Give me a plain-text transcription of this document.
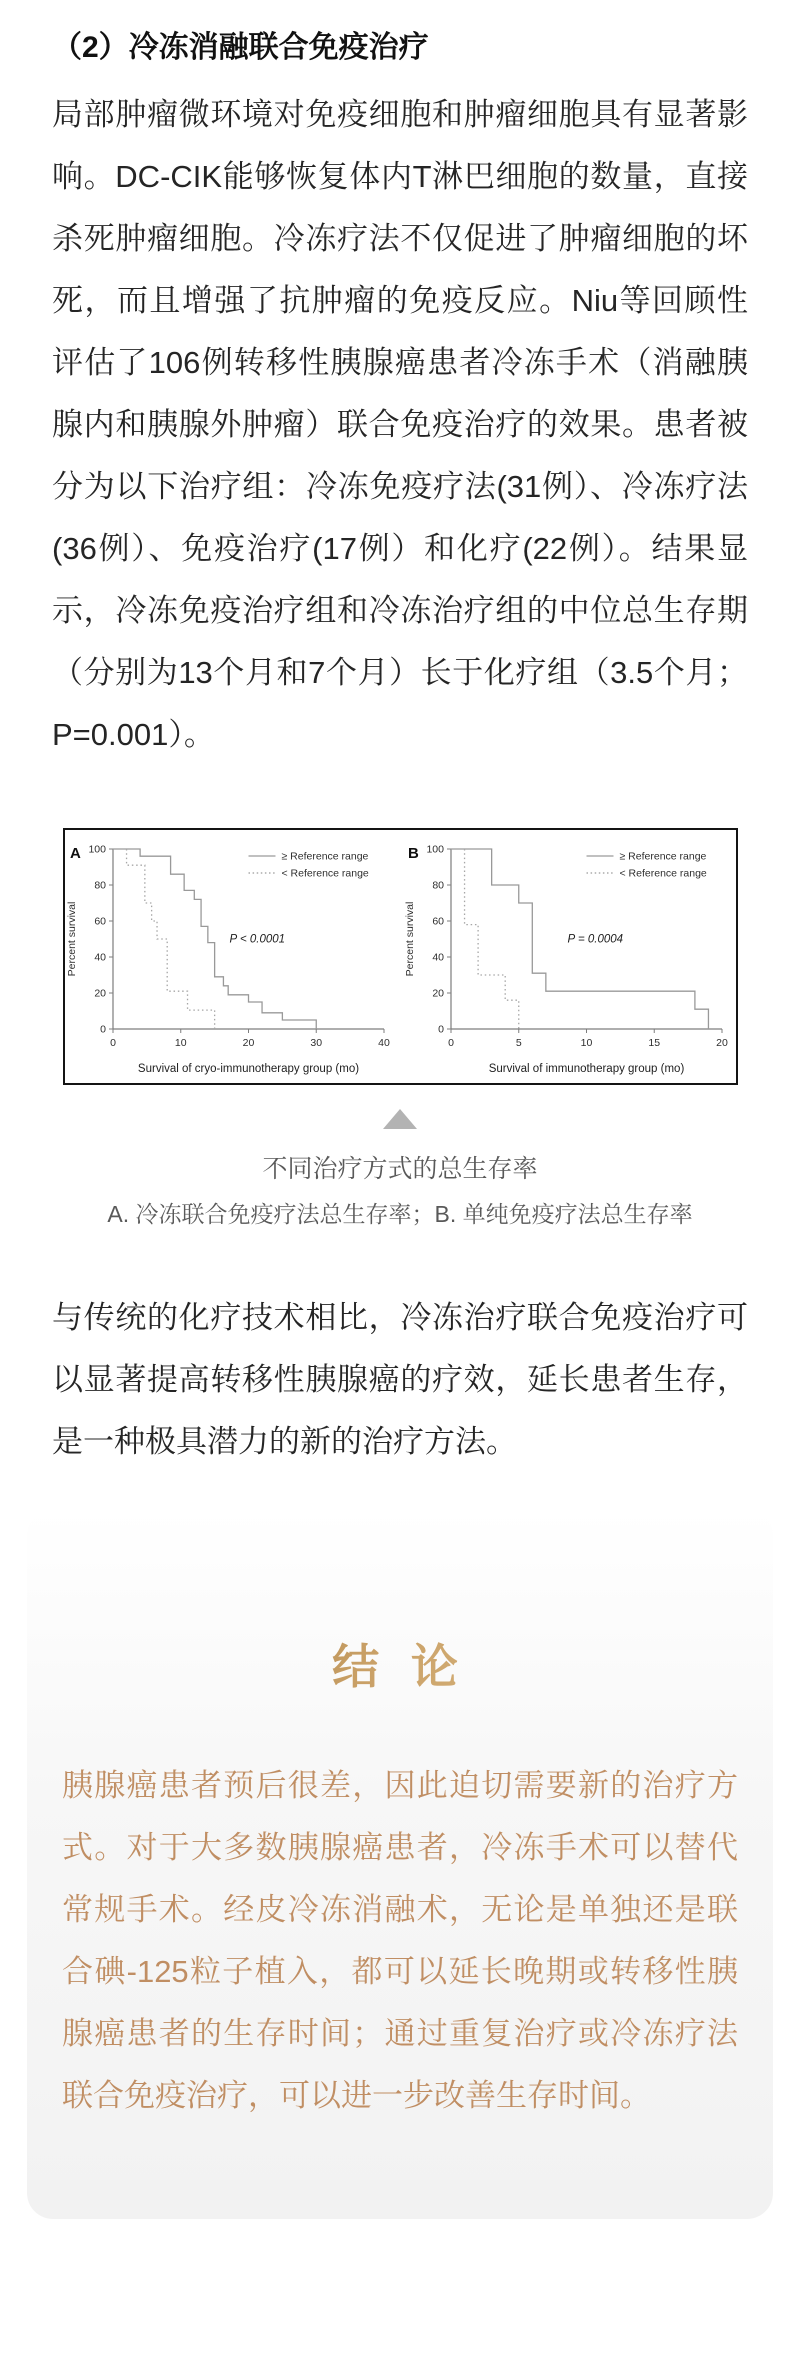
（2）冷冻消融联合免疫治疗
局部肿瘤微环境对免疫细胞和肿瘤细胞具有显著影响。DC-CIK能够恢复体内T淋巴细胞的数量，直接杀死肿瘤细胞。冷冻疗法不仅促进了肿瘤细胞的坏死，而且增强了抗肿瘤的免疫反应。Niu等回顾性评估了106例转移性胰腺癌患者冷冻手术（消融胰腺内和胰腺外肿瘤）联合免疫治疗的效果。患者被分为以下治疗组：冷冻免疫疗法(31例）、冷冻疗法(36例）、免疫治疗(17例）和化疗(22例）。结果显示，冷冻免疫治疗组和冷冻治疗组的中位总生存期（分别为13个月和7个月）长于化疗组（3.5个月；P=0.001）。
0
20
40
60
80
100
0	10	20	30	40
Percent survival
Survival of cryo-immunotherapy group (mo)
A	≥ Reference range
< Reference range
P < 0.0001
0
20
40
60
80
100
0	5	10	15	20
Percent survival
Survival of immunotherapy group (mo)
B	≥ Reference range
< Reference range
P = 0.0004
不同治疗方式的总生存率
A. 冷冻联合免疫疗法总生存率；B. 单纯免疫疗法总生存率
与传统的化疗技术相比，冷冻治疗联合免疫治疗可以显著提高转移性胰腺癌的疗效，延长患者生存，是一种极具潜力的新的治疗方法。
结 论
胰腺癌患者预后很差，因此迫切需要新的治疗方式。对于大多数胰腺癌患者，冷冻手术可以替代常规手术。经皮冷冻消融术，无论是单独还是联合碘-125粒子植入，都可以延长晚期或转移性胰腺癌患者的生存时间；通过重复治疗或冷冻疗法联合免疫治疗，可以进一步改善生存时间。
